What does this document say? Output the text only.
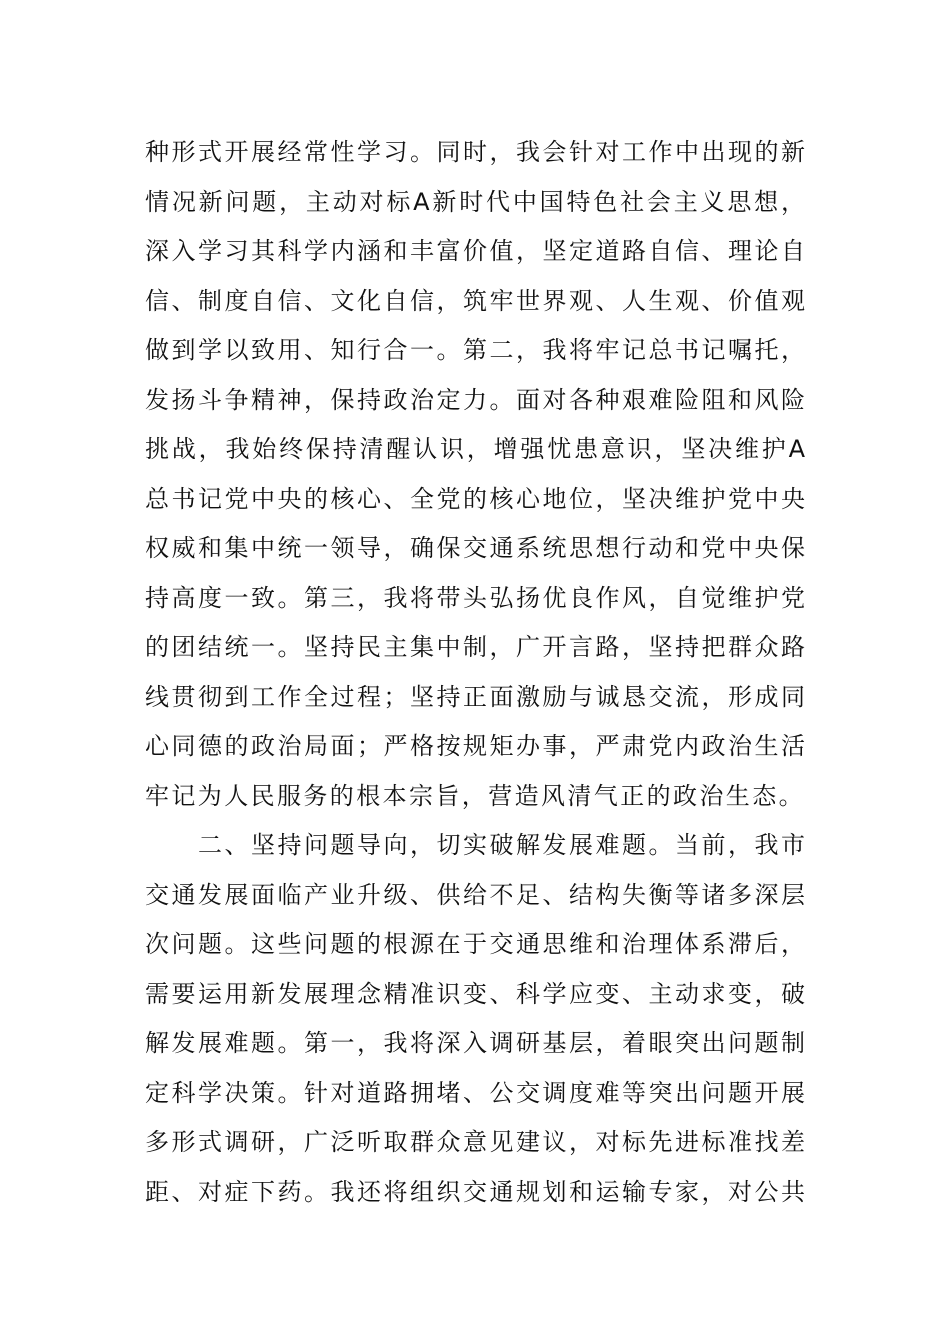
种形式开展经常性学习。同时，我会针对工作中出现的新
情况新问题，主动对标A新时代中国特色社会主义思想，
深入学习其科学内涵和丰富价值，坚定道路自信、理论自
信、制度自信、文化自信，筑牢世界观、人生观、价值观
做到学以致用、知行合一。第二，我将牢记总书记嘱托，
发扬斗争精神，保持政治定力。面对各种艰难险阻和风险
挑战，我始终保持清醒认识，增强忧患意识，坚决维护A
总书记党中央的核心、全党的核心地位，坚决维护党中央
权威和集中统一领导，确保交通系统思想行动和党中央保
持高度一致。第三，我将带头弘扬优良作风，自觉维护党
的团结统一。坚持民主集中制，广开言路，坚持把群众路
线贯彻到工作全过程；坚持正面激励与诚恳交流，形成同
心同德的政治局面；严格按规矩办事，严肃党内政治生活
牢记为人民服务的根本宗旨，营造风清气正的政治生态。
二、坚持问题导向，切实破解发展难题。当前，我市
交通发展面临产业升级、供给不足、结构失衡等诸多深层
次问题。这些问题的根源在于交通思维和治理体系滞后，
需要运用新发展理念精准识变、科学应变、主动求变，破
解发展难题。第一，我将深入调研基层，着眼突出问题制
定科学决策。针对道路拥堵、公交调度难等突出问题开展
多形式调研，广泛听取群众意见建议，对标先进标准找差
距、对症下药。我还将组织交通规划和运输专家，对公共
